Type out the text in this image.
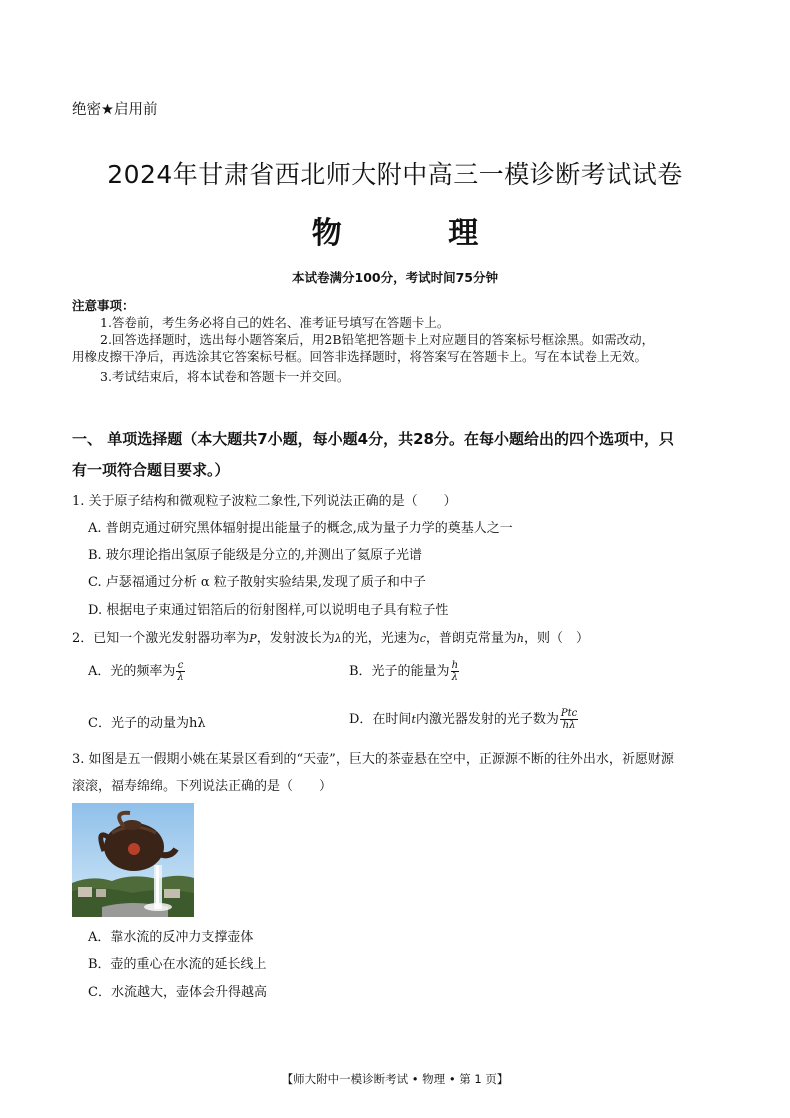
绝密★启用前
2024年甘肃省西北师大附中高三一模诊断考试试卷
物 理
本试卷满分100分，考试时间75分钟
注意事项：
1.答卷前，考生务必将自己的姓名、准考证号填写在答题卡上。
2.回答选择题时，选出每小题答案后，用2B铅笔把答题卡上对应题目的答案标号框涂黑。如需改动，
用橡皮擦干净后，再选涂其它答案标号框。回答非选择题时，将答案写在答题卡上。写在本试卷上无效。
3.考试结束后，将本试卷和答题卡一并交回。
一、 单项选择题（本大题共7小题，每小题4分，共28分。在每小题给出的四个选项中，只
有一项符合题目要求。）
1. 关于原子结构和微观粒子波粒二象性,下列说法正确的是（　　）
A. 普朗克通过研究黑体辐射提出能量子的概念,成为量子力学的奠基人之一
B. 玻尔理论指出氢原子能级是分立的,并测出了氦原子光谱
C. 卢瑟福通过分析 α 粒子散射实验结果,发现了质子和中子
D. 根据电子束通过铝箔后的衍射图样,可以说明电子具有粒子性
2．已知一个激光发射器功率为P，发射波长为λ的光，光速为c，普朗克常量为h，则（　）
A．光的频率为 $\frac{c}{\lambda}$	B．光子的能量为 $\frac{h}{\lambda}$
C．光子的动量为hλ	D．在时间t内激光器发射的光子数为 $\frac{\text{Ptc}}{h\lambda}$
3. 如图是五一假期小姚在某景区看到的“天壶”，巨大的茶壶悬在空中，正源源不断的往外出水，祈愿财源
滚滚，福寿绵绵。下列说法正确的是（　　）
A．靠水流的反冲力支撑壶体
B．壶的重心在水流的延长线上
C．水流越大，壶体会升得越高
【师大附中一模诊断考试 • 物理 • 第 1 页】
